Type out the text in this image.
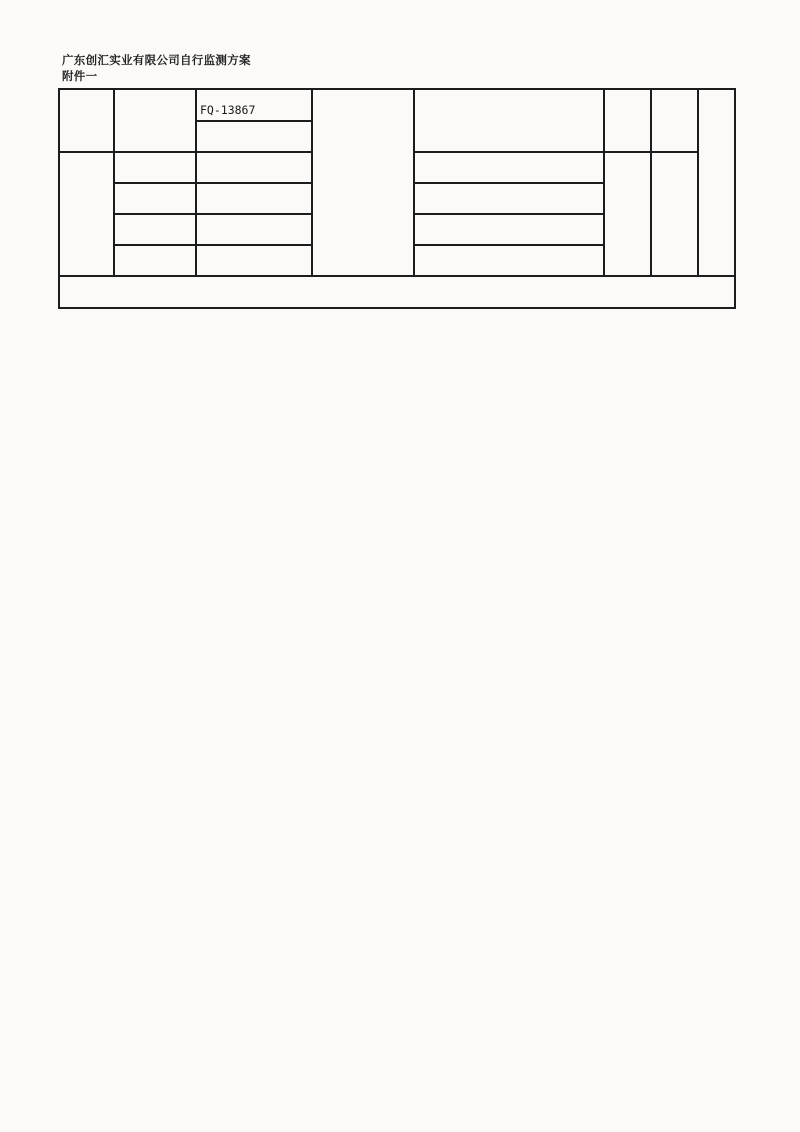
广东创汇实业有限公司自行监测方案
附件一
FQ-13867
